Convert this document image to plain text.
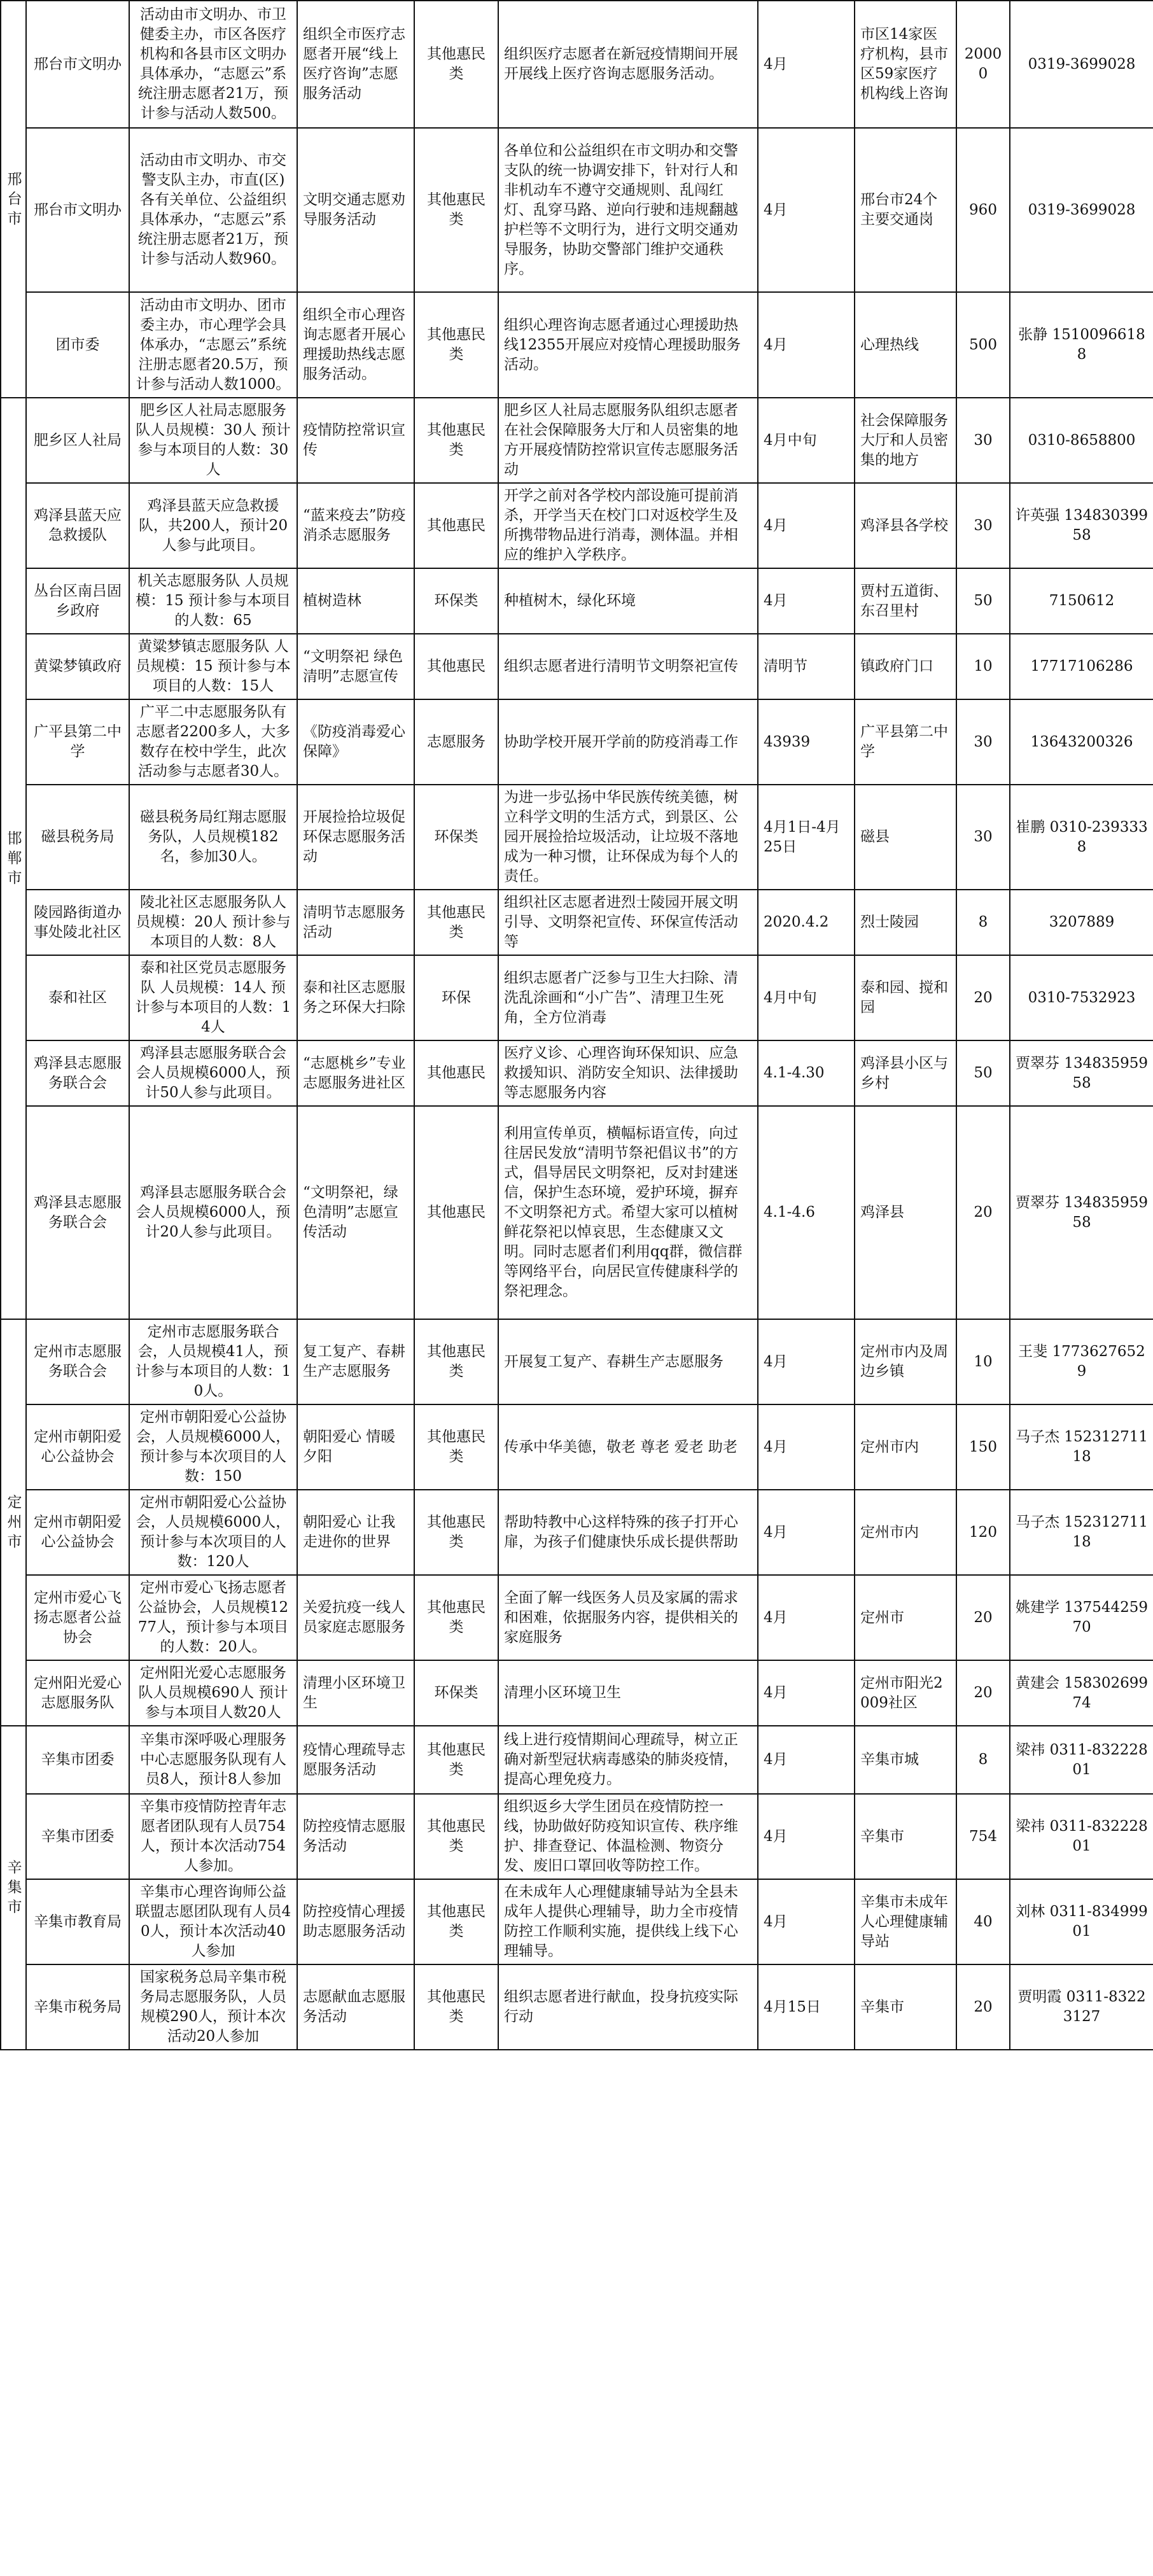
邢台市	邢台市文明办	活动由市文明办、市卫健委主办，市区各医疗机构和各县市区文明办具体承办，“志愿云”系统注册志愿者21万，预计参与活动人数500。	组织全市医疗志愿者开展“线上医疗咨询”志愿服务活动	其他惠民类	组织医疗志愿者在新冠疫情期间开展开展线上医疗咨询志愿服务活动。	4月	市区14家医疗机构，县市区59家医疗机构线上咨询	20000	0319-3699028
	邢台市文明办	活动由市文明办、市交警支队主办，市直(区)各有关单位、公益组织具体承办，“志愿云”系统注册志愿者21万，预计参与活动人数960。	文明交通志愿劝导服务活动	其他惠民类	各单位和公益组织在市文明办和交警支队的统一协调安排下，针对行人和非机动车不遵守交通规则、乱闯红灯、乱穿马路、逆向行驶和违规翻越护栏等不文明行为，进行文明交通劝导服务，协助交警部门维护交通秩序。	4月	邢台市24个主要交通岗	960	0319-3699028
	团市委	活动由市文明办、团市委主办，市心理学会具体承办，“志愿云”系统注册志愿者20.5万，预计参与活动人数1000。	组织全市心理咨询志愿者开展心理援助热线志愿服务活动。	其他惠民类	组织心理咨询志愿者通过心理援助热线12355开展应对疫情心理援助服务活动。	4月	心理热线	500	张静 15100966188
邯郸市	肥乡区人社局	肥乡区人社局志愿服务队人员规模：30人 预计参与本项目的人数：30人	疫情防控常识宣传	其他惠民类	肥乡区人社局志愿服务队组织志愿者在社会保障服务大厅和人员密集的地方开展疫情防控常识宣传志愿服务活动	4月中旬	社会保障服务大厅和人员密集的地方	30	0310-8658800
	鸡泽县蓝天应急救援队	鸡泽县蓝天应急救援队，共200人，预计20人参与此项目。	“蓝来疫去”防疫消杀志愿服务	其他惠民	开学之前对各学校内部设施可提前消杀，开学当天在校门口对返校学生及所携带物品进行消毒，测体温。并相应的维护入学秩序。	4月	鸡泽县各学校	30	许英强 13483039958
	丛台区南吕固乡政府	机关志愿服务队 人员规模：15 预计参与本项目的人数：65	植树造林	环保类	种植树木，绿化环境	4月	贾村五道街、东召里村	50	7150612
	黄粱梦镇政府	黄粱梦镇志愿服务队 人员规模：15 预计参与本项目的人数：15人	“文明祭祀 绿色清明”志愿宣传	其他惠民	组织志愿者进行清明节文明祭祀宣传	清明节	镇政府门口	10	17717106286
	广平县第二中学	广平二中志愿服务队有志愿者2200多人，大多数存在校中学生，此次活动参与志愿者30人。	《防疫消毒爱心保障》	志愿服务	协助学校开展开学前的防疫消毒工作	43939	广平县第二中学	30	13643200326
	磁县税务局	磁县税务局红翔志愿服务队，人员规模182名，参加30人。	开展捡拾垃圾促环保志愿服务活动	环保类	为进一步弘扬中华民族传统美德，树立科学文明的生活方式，到景区、公园开展捡拾垃圾活动，让垃圾不落地成为一种习惯，让环保成为每个人的责任。	4月1日-4月25日	磁县	30	崔鹏 0310-2393338
	陵园路街道办事处陵北社区	陵北社区志愿服务队人员规模：20人 预计参与本项目的人数：8人	清明节志愿服务活动	其他惠民类	组织社区志愿者进烈士陵园开展文明引导、文明祭祀宣传、环保宣传活动等	2020.4.2	烈士陵园	8	3207889
	泰和社区	泰和社区党员志愿服务队 人员规模：14人 预计参与本项目的人数：14人	泰和社区志愿服务之环保大扫除	环保	组织志愿者广泛参与卫生大扫除、清洗乱涂画和“小广告”、清理卫生死角，全方位消毒	4月中旬	泰和园、搅和园	20	0310-7532923
	鸡泽县志愿服务联合会	鸡泽县志愿服务联合会会人员规模6000人，预计50人参与此项目。	“志愿桃乡”专业志愿服务进社区	其他惠民	医疗义诊、心理咨询环保知识、应急救援知识、消防安全知识、法律援助等志愿服务内容	4.1-4.30	鸡泽县小区与乡村	50	贾翠芬 13483595958
	鸡泽县志愿服务联合会	鸡泽县志愿服务联合会会人员规模6000人，预计20人参与此项目。	“文明祭祀，绿色清明”志愿宣传活动	其他惠民	利用宣传单页，横幅标语宣传，向过往居民发放“清明节祭祀倡议书”的方式，倡导居民文明祭祀，反对封建迷信，保护生态环境，爱护环境，摒弃不文明祭祀方式。希望大家可以植树鲜花祭祀以悼哀思，生态健康又文明。同时志愿者们利用qq群，微信群等网络平台，向居民宣传健康科学的祭祀理念。	4.1-4.6	鸡泽县	20	贾翠芬 13483595958
定州市	定州市志愿服务联合会	定州市志愿服务联合会，人员规模41人，预计参与本项目的人数：10人。	复工复产、春耕生产志愿服务	其他惠民类	开展复工复产、春耕生产志愿服务	4月	定州市内及周边乡镇	10	王斐 17736276529
	定州市朝阳爱心公益协会	定州市朝阳爱心公益协会，人员规模6000人，预计参与本次项目的人数：150	朝阳爱心 情暖夕阳	其他惠民类	传承中华美德，敬老 尊老 爱老 助老	4月	定州市内	150	马子杰 15231271118
	定州市朝阳爱心公益协会	定州市朝阳爱心公益协会，人员规模6000人，预计参与本次项目的人数：120人	朝阳爱心 让我走进你的世界	其他惠民类	帮助特教中心这样特殊的孩子打开心扉，为孩子们健康快乐成长提供帮助	4月	定州市内	120	马子杰 15231271118
	定州市爱心飞扬志愿者公益协会	定州市爱心飞扬志愿者公益协会，人员规模1277人，预计参与本项目的人数：20人。	关爱抗疫一线人员家庭志愿服务	其他惠民类	全面了解一线医务人员及家属的需求和困难，依据服务内容，提供相关的家庭服务	4月	定州市	20	姚建学 13754425970
	定州阳光爱心志愿服务队	定州阳光爱心志愿服务队人员规模690人 预计参与本项目人数20人	清理小区环境卫生	环保类	清理小区环境卫生	4月	定州市阳光2009社区	20	黄建会 15830269974
辛集市	辛集市团委	辛集市深呼吸心理服务中心志愿服务队现有人员8人，预计8人参加	疫情心理疏导志愿服务活动	其他惠民类	线上进行疫情期间心理疏导，树立正确对新型冠状病毒感染的肺炎疫情，提高心理免疫力。	4月	辛集市城	8	梁祎 0311-83222801
	辛集市团委	辛集市疫情防控青年志愿者团队现有人员754人，预计本次活动754人参加。	防控疫情志愿服务活动	其他惠民类	组织返乡大学生团员在疫情防控一线，协助做好防疫知识宣传、秩序维护、排查登记、体温检测、物资分发、废旧口罩回收等防控工作。	4月	辛集市	754	梁祎 0311-83222801
	辛集市教育局	辛集市心理咨询师公益联盟志愿团队现有人员40人，预计本次活动40人参加	防控疫情心理援助志愿服务活动	其他惠民类	在未成年人心理健康辅导站为全县未成年人提供心理辅导，助力全市疫情防控工作顺利实施，提供线上线下心理辅导。	4月	辛集市未成年人心理健康辅导站	40	刘林 0311-83499901
	辛集市税务局	国家税务总局辛集市税务局志愿服务队，人员规模290人，预计本次活动20人参加	志愿献血志愿服务活动	其他惠民类	组织志愿者进行献血，投身抗疫实际行动	4月15日	辛集市	20	贾明霞 0311-83223127
